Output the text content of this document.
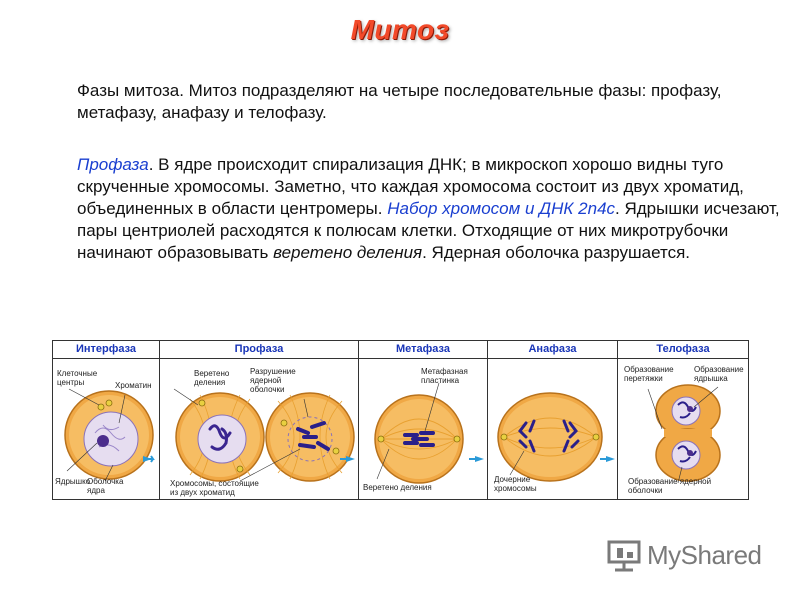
Митоз

Фазы митоза. Митоз подразделяют на четыре последовательные фазы: профазу, метафазу, анафазу и телофазу.

Профаза. В ядре происходит спирализация ДНК; в микроскоп хорошо видны туго скрученные хромосомы. Заметно, что каждая хромосома состоит из двух хроматид, объединенных в области центромеры. Набор хромосом и ДНК 2n4c. Ядрышки исчезают, пары центриолей расходятся к полюсам клетки. Отходящие от них микротрубочки начинают образовывать веретено деления. Ядерная оболочка разрушается.

Интерфаза
Клеточные центры	Хроматин
Ядрышко
Оболочка ядра
Профаза
Веретено деления
Разрушение ядерной оболочки
Хромосомы, состоящие из двух хроматид
Метафаза
Метафазная пластинка
Веретено деления
Анафаза
Дочерние хромосомы
Телофаза
Образование перетяжки
Образование ядрышка
Образование ядерной оболочки
MyShared
